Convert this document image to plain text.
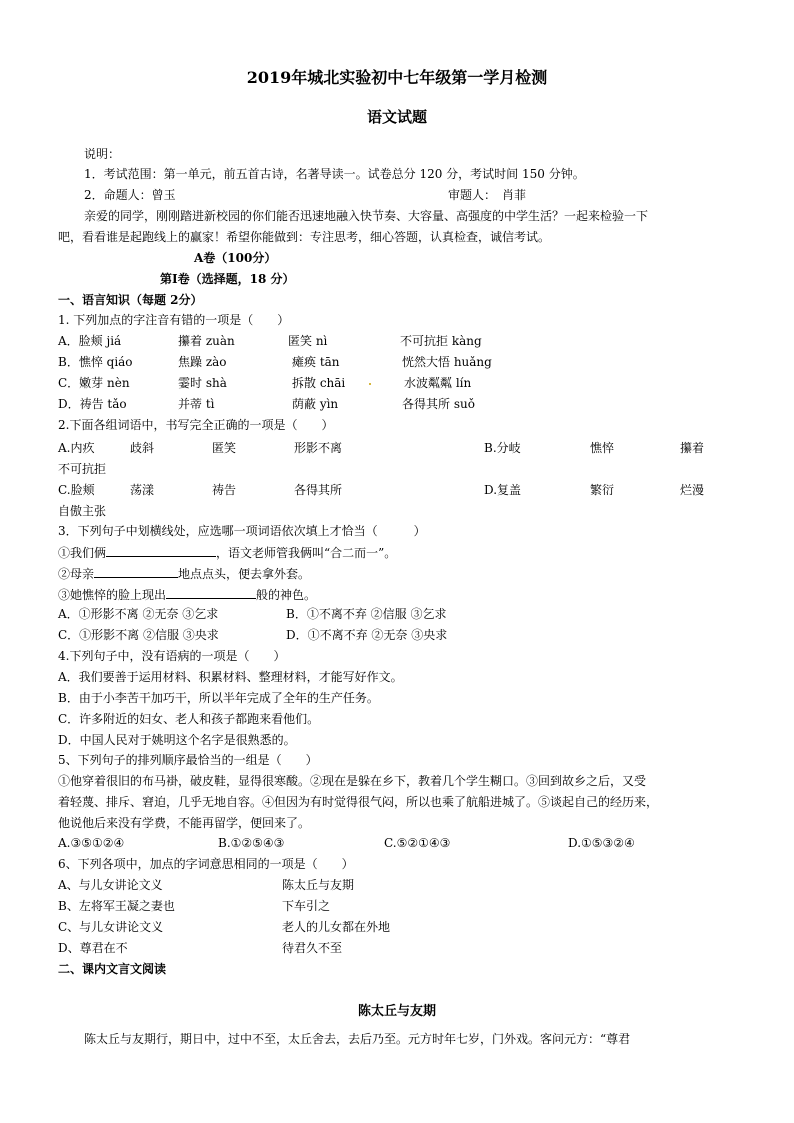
2019年城北实验初中七年级第一学月检测
语文试题
说明：
1．考试范围：第一单元，前五首古诗，名著导读一。试卷总分 120 分，考试时间 150 分钟。
2．命题人：曾玉	审题人：　肖菲
亲爱的同学，刚刚踏进新校园的你们能否迅速地融入快节奏、大容量、高强度的中学生活？一起来检验一下
吧，看看谁是起跑线上的赢家！希望你能做到：专注思考，细心答题，认真检查，诚信考试。
A卷（100分）
第Ⅰ卷（选择题，18 分）
一、语言知识（每题 2分）
1. 下列加点的字注音有错的一项是（　　）
A．脸颊 jiá	攥着 zuàn	匿笑 nì	不可抗拒 kàng
B．憔悴 qiáo	焦躁 zào	瘫痪 tān	恍然大悟 huǎng
C．嫩芽 nèn	霎时 shà	拆散 chāi	水波粼粼 lín
D．祷告 tǎo	并蒂 tì	荫蔽 yìn	各得其所 suǒ
2.下面各组词语中，书写完全正确的一项是（　　）
A.内疚	歧斜	匿笑	形影不离	B.分岐	憔悴	攥着
不可抗拒
C.脸颊	荡漾	祷告	各得其所	D.复盖	繁衍	烂漫
自傲主张
3．下列句子中划横线处，应选哪一项词语依次填上才恰当（　　　）
①我们俩	，语文老师管我俩叫“合二而一”。
②母亲	地点点头，便去拿外套。
③她憔悴的脸上现出	般的神色。
A．①形影不离 ②无奈 ③乞求	B．①不离不弃 ②信服 ③乞求
C．①形影不离 ②信服 ③央求	D．①不离不弃 ②无奈 ③央求
4.下列句子中，没有语病的一项是（　　）
A．我们要善于运用材料、积累材料、整理材料，才能写好作文。
B．由于小李苦干加巧干，所以半年完成了全年的生产任务。
C．许多附近的妇女、老人和孩子都跑来看他们。
D．中国人民对于姚明这个名字是很熟悉的。
5、下列句子的排列顺序最恰当的一组是（　　）
①他穿着很旧的布马褂，破皮鞋，显得很寒酸。②现在是躲在乡下，教着几个学生糊口。③回到故乡之后，又受
着轻蔑、排斥、窘迫，几乎无地自容。④但因为有时觉得很气闷，所以也乘了航船进城了。⑤谈起自己的经历来，
他说他后来没有学费，不能再留学，便回来了。
A.③⑤①②④	B.①②⑤④③	C.⑤②①④③	D.①⑤③②④
6、下列各项中，加点的字词意思相同的一项是（　　）
A、与儿女讲论文义	陈太丘与友期
B、左将军王凝之妻也	下车引之
C、与儿女讲论文义	老人的儿女都在外地
D、尊君在不	待君久不至
二、课内文言文阅读
陈太丘与友期
陈太丘与友期行，期日中，过中不至，太丘舍去，去后乃至。元方时年七岁，门外戏。客问元方：“尊君
